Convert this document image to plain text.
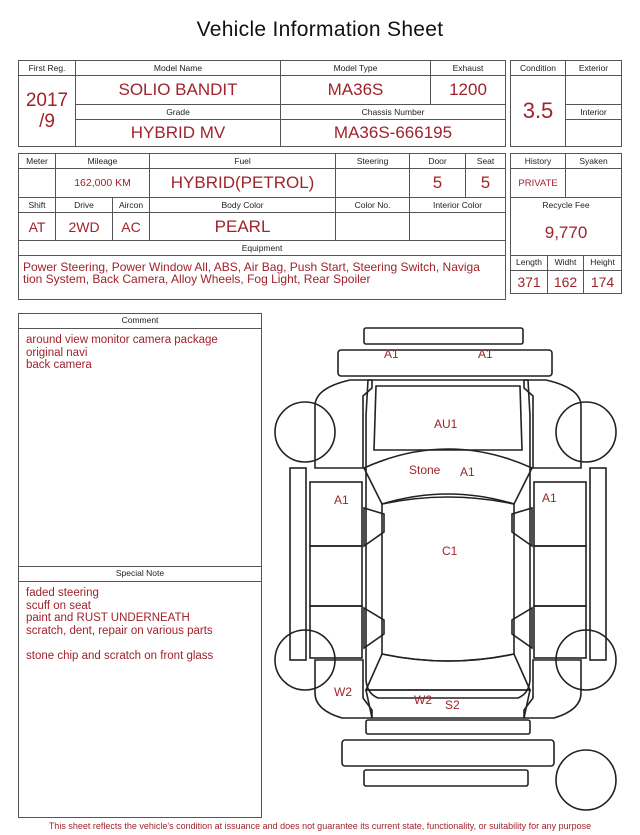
Vehicle Information Sheet
First Reg.	Model Name	Model Type	Exhaust

2017
/9	SOLIO BANDIT	MA36S	1200
	Grade	Chassis Number	
	HYBRID MV	MA36S-666195	
Condition	Exterior
3.5	
	Interior

Meter	Mileage		Fuel	Steering	Door	Seat
	162,000 KM		HYBRID(PETROL)		5	5
Shift	Drive	Aircon	Body Color	Color No.	Interior Color	
AT	2WD	AC	PEARL			
Equipment						

Power Steering, Power Window All, ABS, Air Bag, Push Start, Steering Switch, Naviga tion System, Back Camera, Alloy Wheels, Fog Light, Rear Spoiler
History		Syaken	
PRIVATE			
Recycle Fee			
9,770			
Length	Widht		Height
371	162		174
Comment
around view monitor camera package
original navi
back camera
Special Note
faded steering
scuff on seat
paint and RUST UNDERNEATH
scratch, dent, repair on various parts
stone chip and scratch on front glass
A1	A1
AU1
Stone A1
A1	A1
C1
W2
W2 S2
This sheet reflects the vehicle's condition at issuance and does not guarantee its current state, functionality, or suitability for any purpose
